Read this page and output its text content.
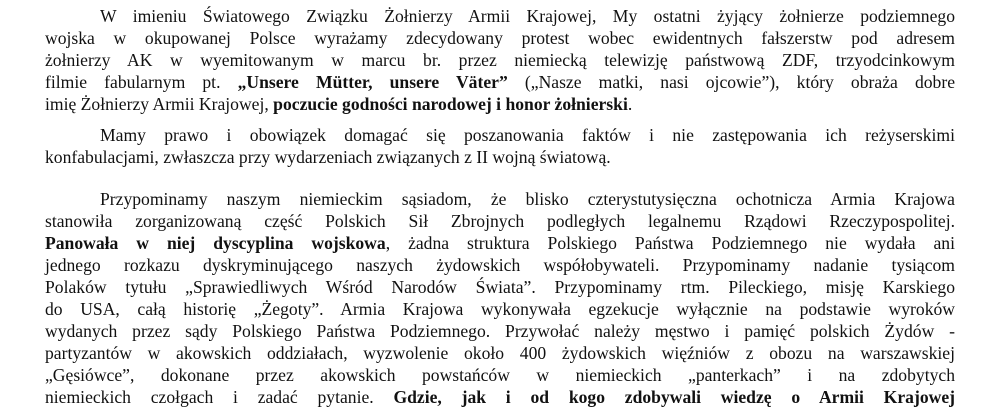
W imieniu Światowego Związku Żołnierzy Armii Krajowej, My ostatni żyjący żołnierze podziemnego
wojska w okupowanej Polsce wyrażamy zdecydowany protest wobec ewidentnych fałszerstw pod adresem
żołnierzy AK w wyemitowanym w marcu br. przez niemiecką telewizję państwową ZDF, trzyodcinkowym
filmie fabularnym pt. „Unsere Mütter, unsere Väter” („Nasze matki, nasi ojcowie”), który obraża dobre
imię Żołnierzy Armii Krajowej, poczucie godności narodowej i honor żołnierski.
Mamy prawo i obowiązek domagać się poszanowania faktów i nie zastępowania ich reżyserskimi
konfabulacjami, zwłaszcza przy wydarzeniach związanych z II wojną światową.
Przypominamy naszym niemieckim sąsiadom, że blisko czterystutysięczna ochotnicza Armia Krajowa
stanowiła zorganizowaną część Polskich Sił Zbrojnych podległych legalnemu Rządowi Rzeczypospolitej.
Panowała w niej dyscyplina wojskowa, żadna struktura Polskiego Państwa Podziemnego nie wydała ani
jednego rozkazu dyskryminującego naszych żydowskich współobywateli. Przypominamy nadanie tysiącom
Polaków tytułu „Sprawiedliwych Wśród Narodów Świata”. Przypominamy rtm. Pileckiego, misję Karskiego
do USA, całą historię „Żegoty”. Armia Krajowa wykonywała egzekucje wyłącznie na podstawie wyroków
wydanych przez sądy Polskiego Państwa Podziemnego. Przywołać należy męstwo i pamięć polskich Żydów -
partyzantów w akowskich oddziałach, wyzwolenie około 400 żydowskich więźniów z obozu na warszawskiej
„Gęsiówce”, dokonane przez akowskich powstańców w niemieckich „panterkach” i na zdobytych
niemieckich czołgach i zadać pytanie. Gdzie, jak i od kogo zdobywali wiedzę o Armii Krajowej
